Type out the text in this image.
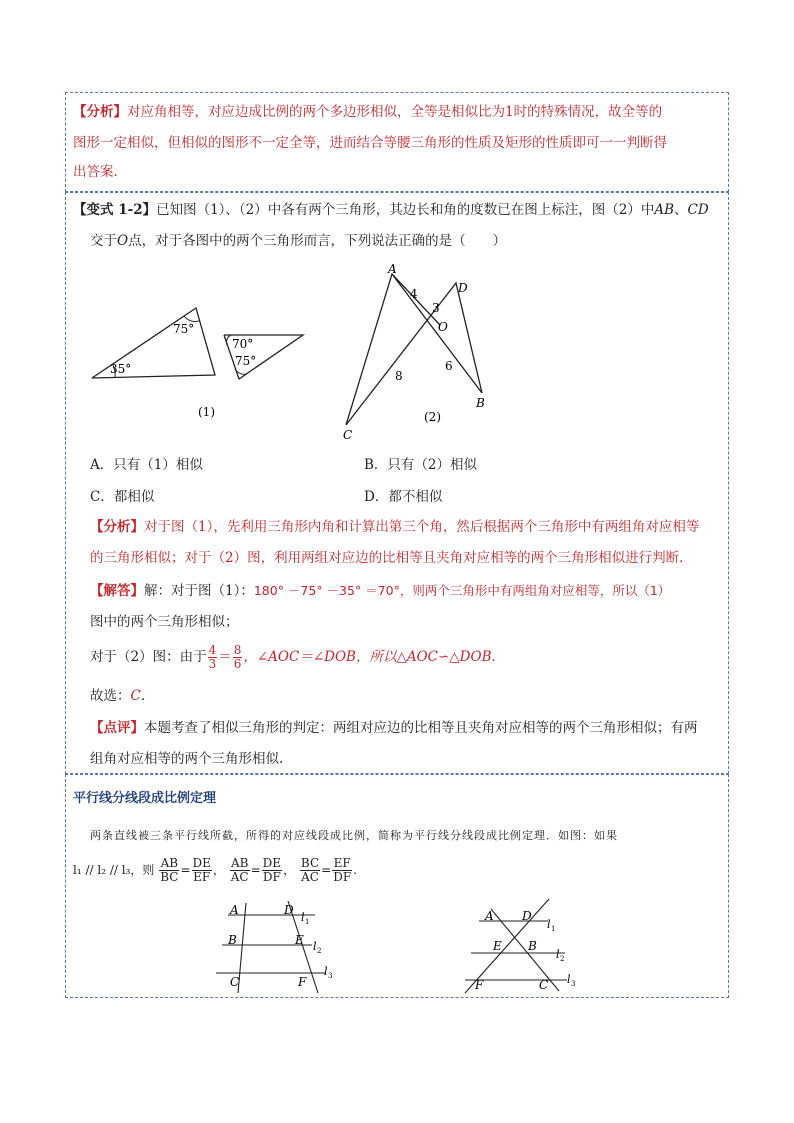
【分析】对应角相等，对应边成比例的两个多边形相似，全等是相似比为1时的特殊情况，故全等的
图形一定相似，但相似的图形不一定全等，进而结合等腰三角形的性质及矩形的性质即可一一判断得
出答案.
【变式 1-2】已知图（1）、（2）中各有两个三角形，其边长和角的度数已在图上标注，图（2）中AB、CD
交于O点，对于各图中的两个三角形而言，下列说法正确的是（　　）
75°
35°
70°
75°
(1)
A
D
O
B
C
4
3
6
8
(2)
A．只有（1）相似	B．只有（2）相似
C．都相似	D．都不相似
【分析】对于图（1），先利用三角形内角和计算出第三个角，然后根据两个三角形中有两组角对应相等
的三角形相似；对于（2）图，利用两组对应边的比相等且夹角对应相等的两个三角形相似进行判断.
【解答】解：对于图（1）：180° －75° －35° ＝70°，则两个三角形中有两组角对应相等，所以（1）
图中的两个三角形相似；
对于（2）图：由于 $\frac{4}{3} = \frac{8}{6}$ ，∠AOC＝∠DOB，所以△AOC∽△DOB.
故选：C.
【点评】本题考查了相似三角形的判定：两组对应边的比相等且夹角对应相等的两个三角形相似；有两
组角对应相等的两个三角形相似.
平行线分线段成比例定理
两条直线被三条平行线所截，所得的对应线段成比例，简称为平行线分线段成比例定理．如图：如果
l₁ // l₂ // l₃，则 $\frac{AB}{BC} = \frac{DE}{EF}$ ， $\frac{AB}{AC} = \frac{DE}{DF}$ ， $\frac{BC}{AC} = \frac{EF}{DF}$ .
A	D
l 1
B	E l 2
C	F
l 3
A D
l 1
E B
l 2
F	C l 3
